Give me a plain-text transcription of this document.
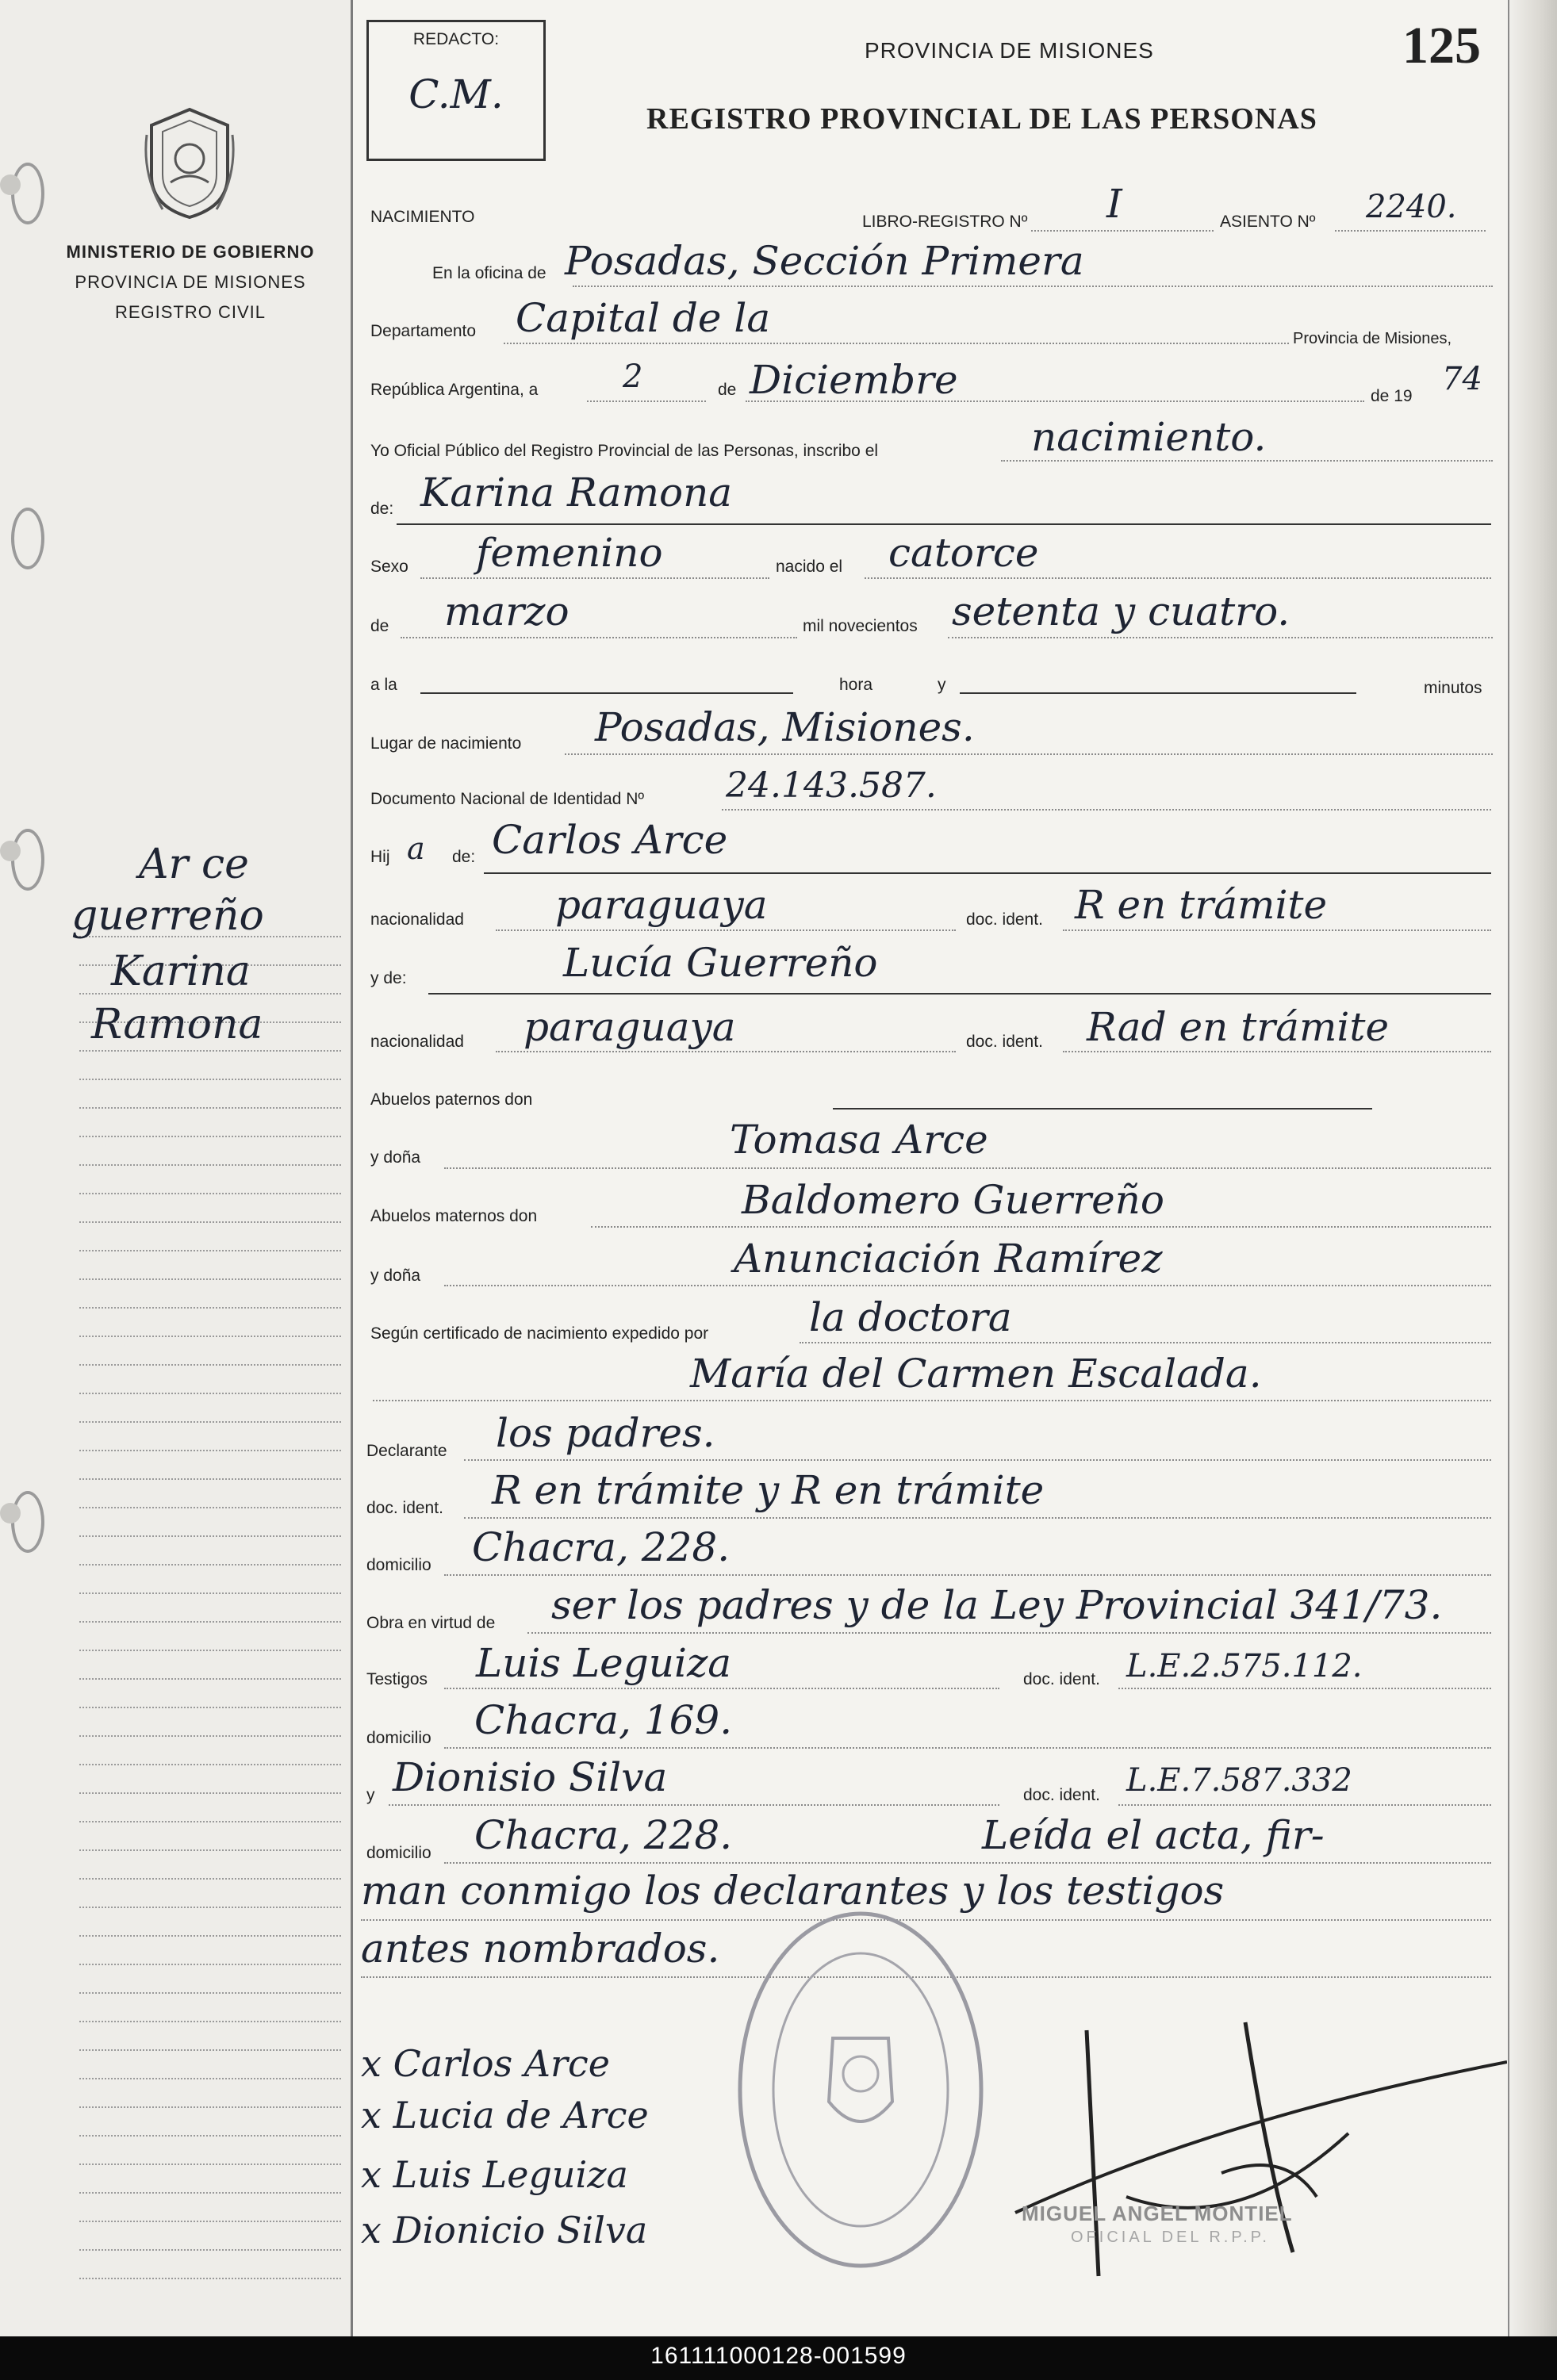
MINISTERIO DE GOBIERNO
PROVINCIA DE MISIONES
REGISTRO CIVIL
Ar ce
guerreño
Karina
Ramona
REDACTO:
C.M.
PROVINCIA DE MISIONES
REGISTRO PROVINCIAL DE LAS PERSONAS
125
NACIMIENTO	LIBRO-REGISTRO Nº I	ASIENTO Nº 2240.
En la oficina de Posadas, Sección Primera
Departamento Capital de la	Provincia de Misiones,
República Argentina, a	2	de Diciembre	de 19 74
Yo Oficial Público del Registro Provincial de las Personas, inscribo el	nacimiento.
de: Karina Ramona
Sexo femenino	nacido el catorce
de marzo	mil novecientos setenta y cuatro.
a la	hora	y	minutos
Lugar de nacimiento Posadas, Misiones.
Documento Nacional de Identidad Nº 24.143.587.
Hij a de: Carlos Arce
nacionalidad paraguaya	doc. ident. R en trámite
y de:	Lucía Guerreño
nacionalidad paraguaya	doc. ident. Rad en trámite
Abuelos paternos don
y doña	Tomasa Arce
Abuelos maternos don	Baldomero Guerreño
y doña	Anunciación Ramírez
Según certificado de nacimiento expedido por	la doctora
María del Carmen Escalada.
Declarante los padres.
doc. ident. R en trámite y R en trámite
domicilio Chacra, 228.
Obra en virtud de ser los padres y de la Ley Provincial 341/73.
Testigos Luis Leguiza	doc. ident. L.E.2.575.112.
domicilio Chacra, 169.
y Dionisio Silva	doc. ident. L.E.7.587.332
domicilio Chacra, 228.	Leída el acta, fir-
man conmigo los declarantes y los testigos
antes nombrados.
x Carlos Arce
x Lucia de Arce
x Luis Leguiza
x Dionicio Silva	MIGUEL ANGEL MONTIEL
OFICIAL DEL R.P.P.
161111000128-001599
